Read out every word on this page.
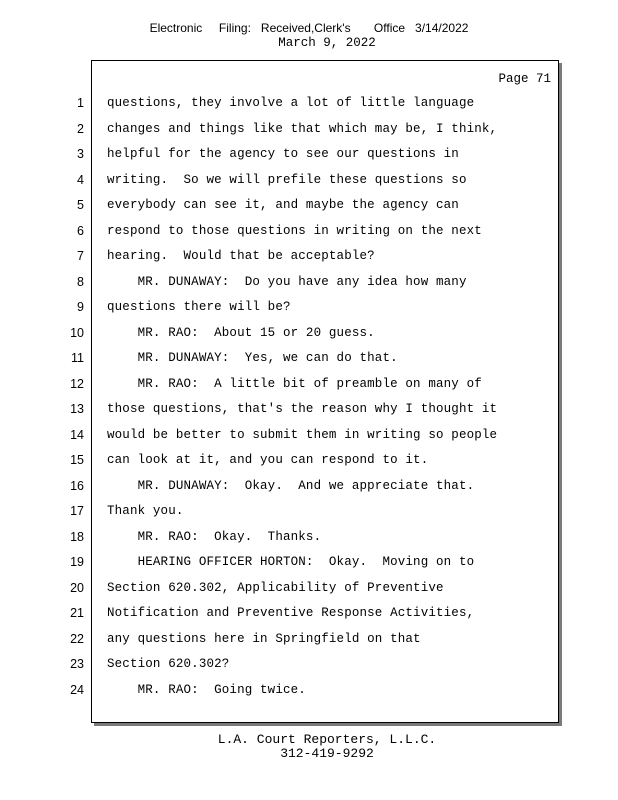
Electronic     Filing:   Received,Clerk's       Office   3/14/2022
March 9, 2022
Page 71
1 questions, they involve a lot of little language
2 changes and things like that which may be, I think,
3 helpful for the agency to see our questions in
4 writing.  So we will prefile these questions so
5 everybody can see it, and maybe the agency can
6 respond to those questions in writing on the next
7 hearing.  Would that be acceptable?
8 MR. DUNAWAY:  Do you have any idea how many
9 questions there will be?
10 MR. RAO:  About 15 or 20 guess.
11 MR. DUNAWAY:  Yes, we can do that.
12 MR. RAO:  A little bit of preamble on many of
13 those questions, that's the reason why I thought it
14 would be better to submit them in writing so people
15 can look at it, and you can respond to it.
16 MR. DUNAWAY:  Okay.  And we appreciate that.
17 Thank you.
18 MR. RAO:  Okay.  Thanks.
19 HEARING OFFICER HORTON:  Okay.  Moving on to
20 Section 620.302, Applicability of Preventive
21 Notification and Preventive Response Activities,
22 any questions here in Springfield on that
23 Section 620.302?
24 MR. RAO:  Going twice.
L.A. Court Reporters, L.L.C.
312-419-9292
